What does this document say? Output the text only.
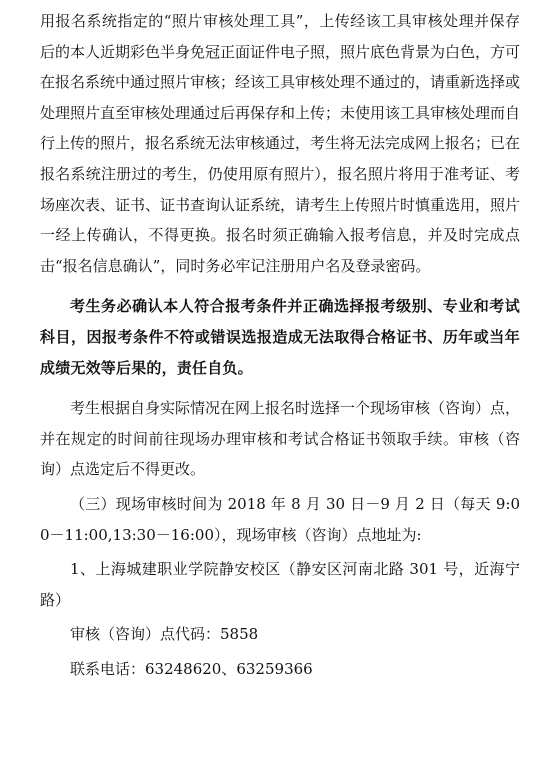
用报名系统指定的“照片审核处理工具”，上传经该工具审核处理并保存后的本人近期彩色半身免冠正面证件电子照，照片底色背景为白色，方可在报名系统中通过照片审核；经该工具审核处理不通过的，请重新选择或处理照片直至审核处理通过后再保存和上传；未使用该工具审核处理而自行上传的照片，报名系统无法审核通过，考生将无法完成网上报名；已在报名系统注册过的考生，仍使用原有照片），报名照片将用于准考证、考场座次表、证书、证书查询认证系统，请考生上传照片时慎重选用，照片一经上传确认，不得更换。报名时须正确输入报考信息，并及时完成点击“报名信息确认”，同时务必牢记注册用户名及登录密码。

考生务必确认本人符合报考条件并正确选择报考级别、专业和考试科目，因报考条件不符或错误选报造成无法取得合格证书、历年或当年成绩无效等后果的，责任自负。

考生根据自身实际情况在网上报名时选择一个现场审核（咨询）点，并在规定的时间前往现场办理审核和考试合格证书领取手续。审核（咨询）点选定后不得更改。

（三）现场审核时间为 2018 年 8 月 30 日－9 月 2 日（每天 9:00－11:00,13:30－16:00），现场审核（咨询）点地址为:

1、上海城建职业学院静安校区（静安区河南北路 301 号，近海宁路）

审核（咨询）点代码：5858

联系电话：63248620、63259366
